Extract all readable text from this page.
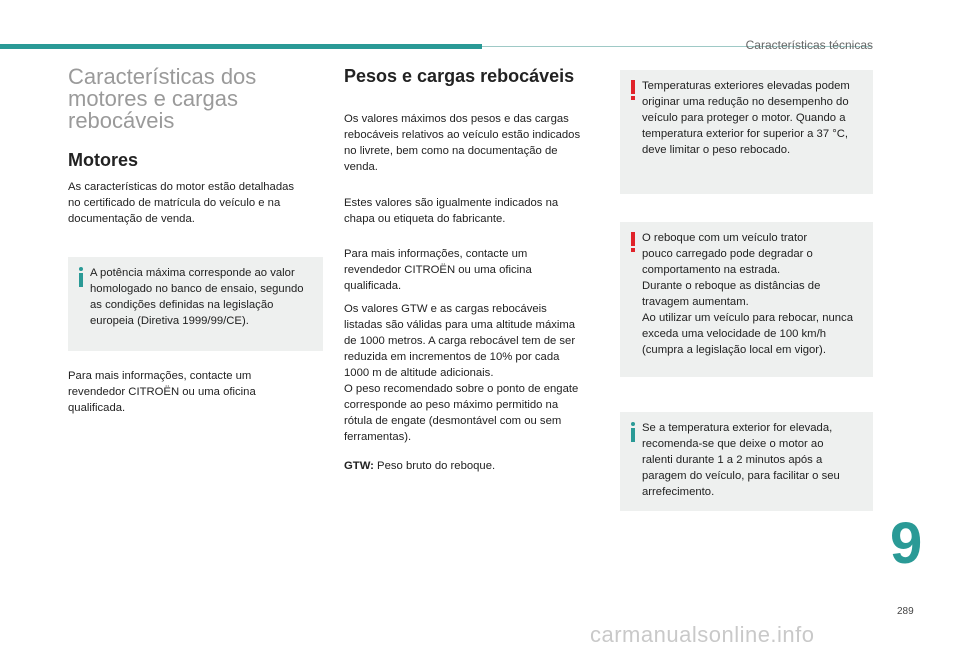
Características técnicas
Características dos
motores e cargas
rebocáveis
Motores

As características do motor estão detalhadas

no certificado de matrícula do veículo e na

documentação de venda.

A potência máxima corresponde ao valor

homologado no banco de ensaio, segundo

as condições definidas na legislação

europeia (Diretiva 1999/99/CE).

Para mais informações, contacte um

revendedor CITROËN ou uma oficina

qualificada.

Pesos e cargas rebocáveis

Os valores máximos dos pesos e das cargas

rebocáveis relativos ao veículo estão indicados

no livrete, bem como na documentação de

venda.

Estes valores são igualmente indicados na

chapa ou etiqueta do fabricante.

Para mais informações, contacte um

revendedor CITROËN ou uma oficina

qualificada.

Os valores GTW e as cargas rebocáveis

listadas são válidas para uma altitude máxima

de 1000 metros. A carga rebocável tem de ser

reduzida em incrementos de 10% por cada

1000 m de altitude adicionais.

O peso recomendado sobre o ponto de engate

corresponde ao peso máximo permitido na

rótula de engate (desmontável com ou sem

ferramentas).

GTW: Peso bruto do reboque.

Temperaturas exteriores elevadas podem

originar uma redução no desempenho do

veículo para proteger o motor. Quando a

temperatura exterior for superior a 37 °C,

deve limitar o peso rebocado.

O reboque com um veículo trator

pouco carregado pode degradar o

comportamento na estrada.

Durante o reboque as distâncias de

travagem aumentam.

Ao utilizar um veículo para rebocar, nunca

exceda uma velocidade de 100 km/h

(cumpra a legislação local em vigor).

Se a temperatura exterior for elevada,

recomenda-se que deixe o motor ao

ralenti durante 1 a 2 minutos após a

paragem do veículo, para facilitar o seu

arrefecimento.

9
289
carmanualsonline.info
